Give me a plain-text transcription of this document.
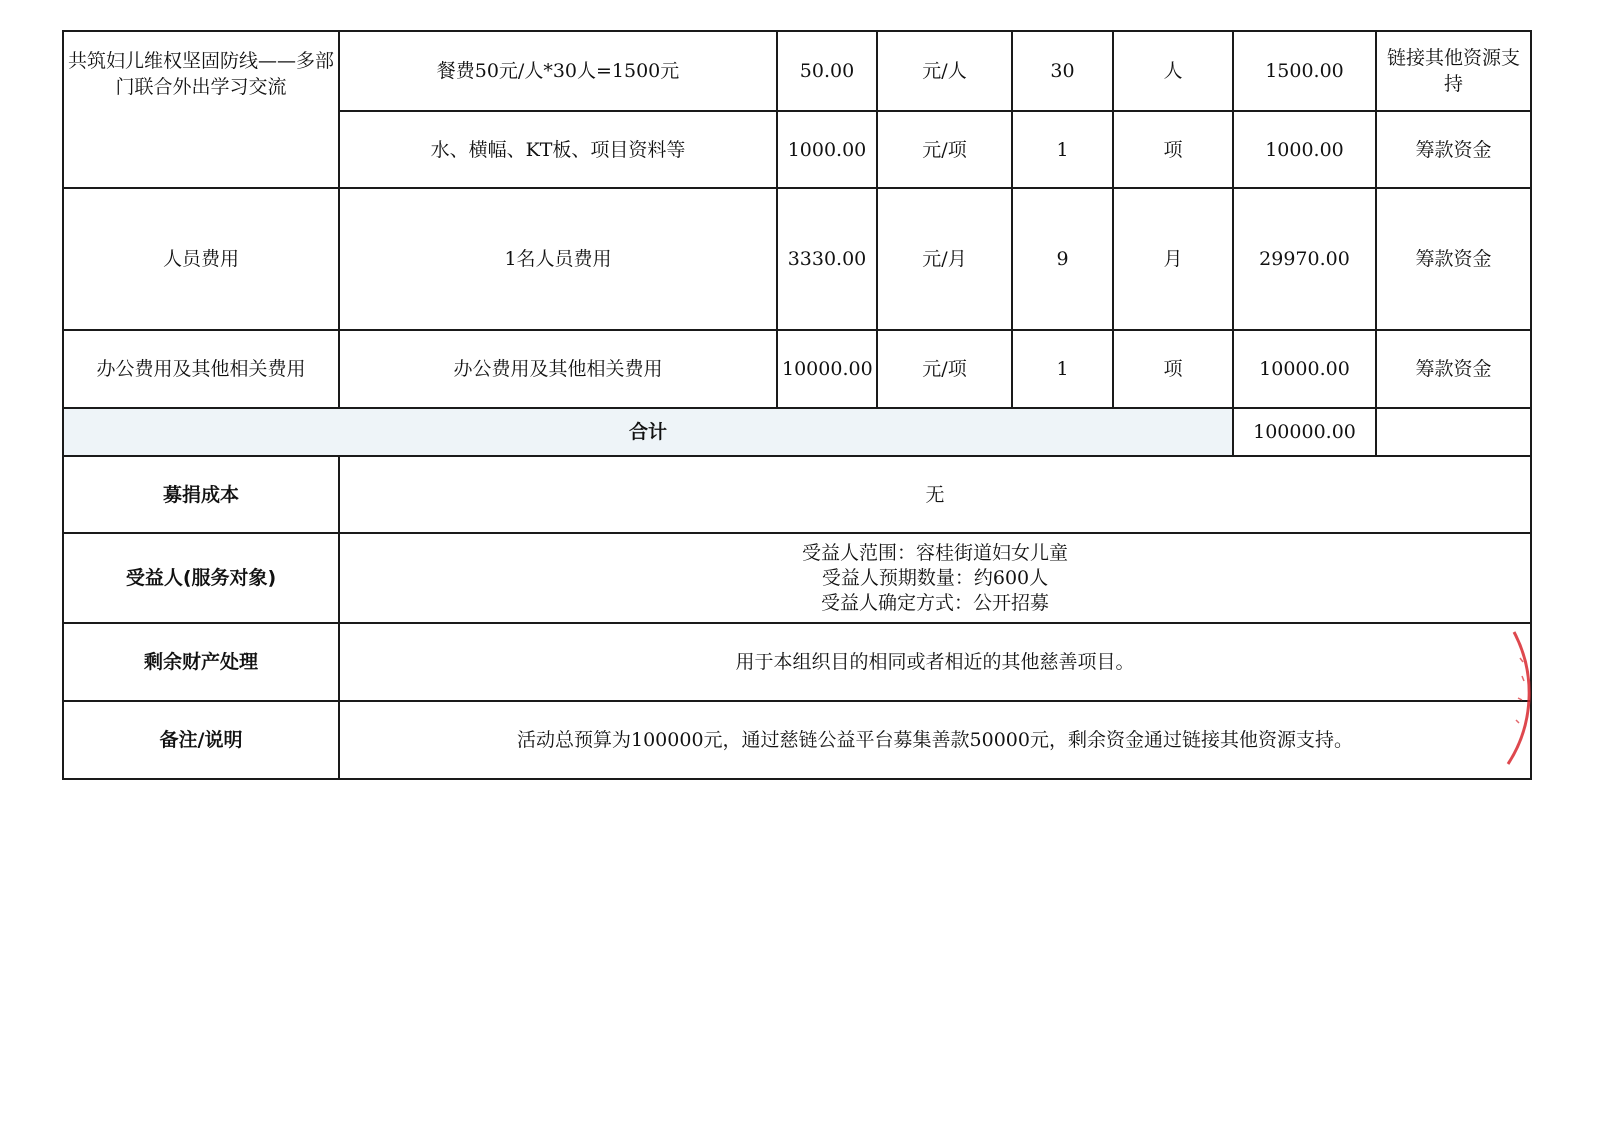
共筑妇儿维权坚固防线——多部门联合外出学习交流	餐费50元/人*30人=1500元	50.00	元/人	30	人	1500.00	链接其他资源支持
	水、横幅、KT板、项目资料等	1000.00	元/项	1	项	1000.00	筹款资金
人员费用	1名人员费用	3330.00	元/月	9	月	29970.00	筹款资金
办公费用及其他相关费用	办公费用及其他相关费用	10000.00	元/项	1	项	10000.00	筹款资金
合计						100000.00	
募捐成本	无						
受益人(服务对象)	受益人范围：容桂街道妇女儿童
受益人预期数量：约600人
受益人确定方式：公开招募						

剩余财产处理	用于本组织目的相同或者相近的其他慈善项目。						
备注/说明	活动总预算为100000元，通过慈链公益平台募集善款50000元，剩余资金通过链接其他资源支持。						
